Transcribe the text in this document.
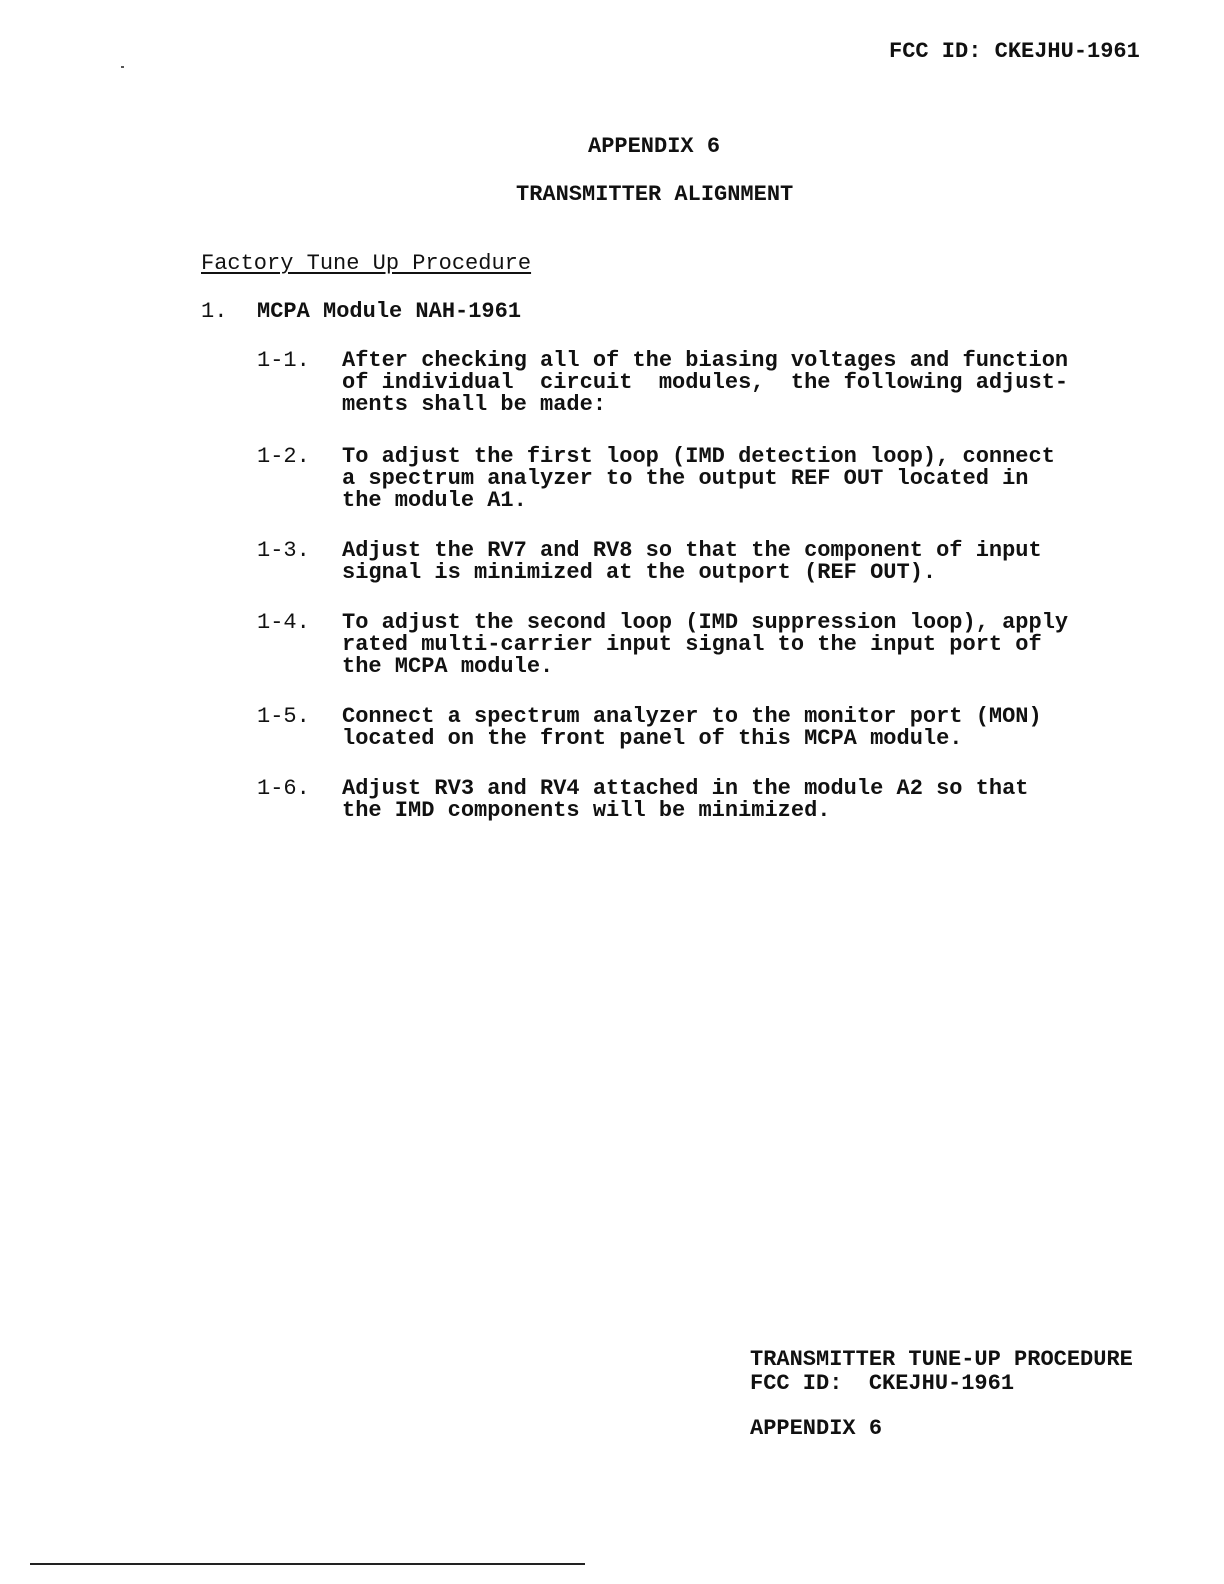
FCC ID: CKEJHU-1961
APPENDIX 6
TRANSMITTER ALIGNMENT
Factory Tune Up Procedure
1. MCPA Module NAH-1961
1-1. After checking all of the biasing voltages and function
of individual  circuit  modules,  the following adjust-
ments shall be made:
1-2. To adjust the first loop (IMD detection loop), connect
a spectrum analyzer to the output REF OUT located in
the module A1.
1-3. Adjust the RV7 and RV8 so that the component of input
signal is minimized at the outport (REF OUT).
1-4. To adjust the second loop (IMD suppression loop), apply
rated multi-carrier input signal to the input port of
the MCPA module.
1-5. Connect a spectrum analyzer to the monitor port (MON)
located on the front panel of this MCPA module.
1-6. Adjust RV3 and RV4 attached in the module A2 so that
the IMD components will be minimized.

TRANSMITTER TUNE-UP PROCEDURE

FCC ID:  CKEJHU-1961

APPENDIX 6
